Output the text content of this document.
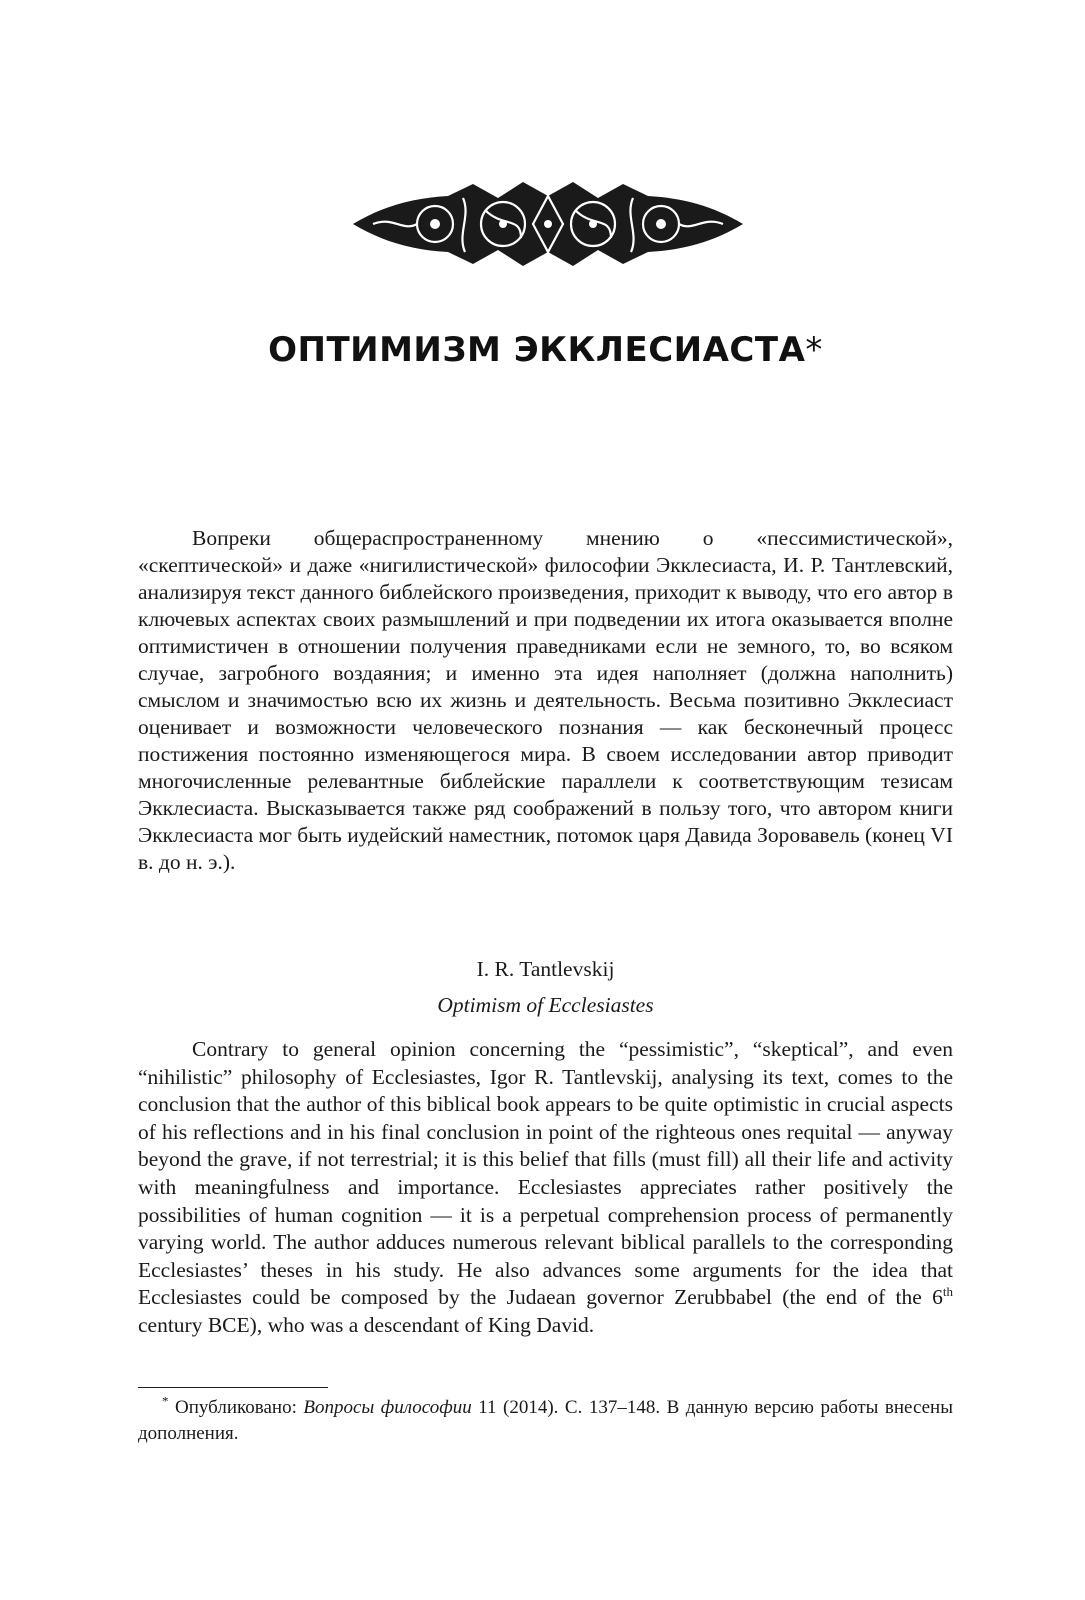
ОПТИМИЗМ ЭККЛЕСИАСТА*

Вопреки общераспространенному мнению о «пессимистической», «скептической» и даже «нигилистической» философии Экклесиаста, И. Р. Тантлевский, анализируя текст данного библейского произведения, приходит к выводу, что его автор в ключевых аспектах своих размышлений и при подведении их итога оказывается вполне оптимистичен в отношении получения праведниками если не земного, то, во всяком случае, загробного воздаяния; и именно эта идея наполняет (должна наполнить) смыслом и значимостью всю их жизнь и деятельность. Весьма позитивно Экклесиаст оценивает и возможности человеческого познания — как бесконечный процесс постижения постоянно изменяющегося мира. В своем исследовании автор приводит многочисленные релевантные библейские параллели к соответствующим тезисам Экклесиаста. Высказывается также ряд соображений в пользу того, что автором книги Экклесиаста мог быть иудейский наместник, потомок царя Давида Зоровавель (конец VI в. до н. э.).

I. R. Tantlevskij

Optimism of Ecclesiastes

Contrary to general opinion concerning the “pessimistic”, “skeptical”, and even “nihilistic” philosophy of Ecclesiastes, Igor R. Tantlevskij, analysing its text, comes to the conclusion that the author of this biblical book appears to be quite optimistic in crucial aspects of his reflections and in his final conclusion in point of the righteous ones requital — anyway beyond the grave, if not terrestrial; it is this belief that fills (must fill) all their life and activity with meaningfulness and importance. Ecclesiastes appreciates rather positively the possibilities of human cognition — it is a perpetual comprehension process of permanently varying world. The author adduces numerous relevant biblical parallels to the corresponding Ecclesiastes’ theses in his study. He also advances some arguments for the idea that Ecclesiastes could be composed by the Judaean governor Zerubbabel (the end of the 6th century BCE), who was a descendant of King David.

* Опубликовано: Вопросы философии 11 (2014). С. 137–148. В данную версию работы внесены дополнения.
